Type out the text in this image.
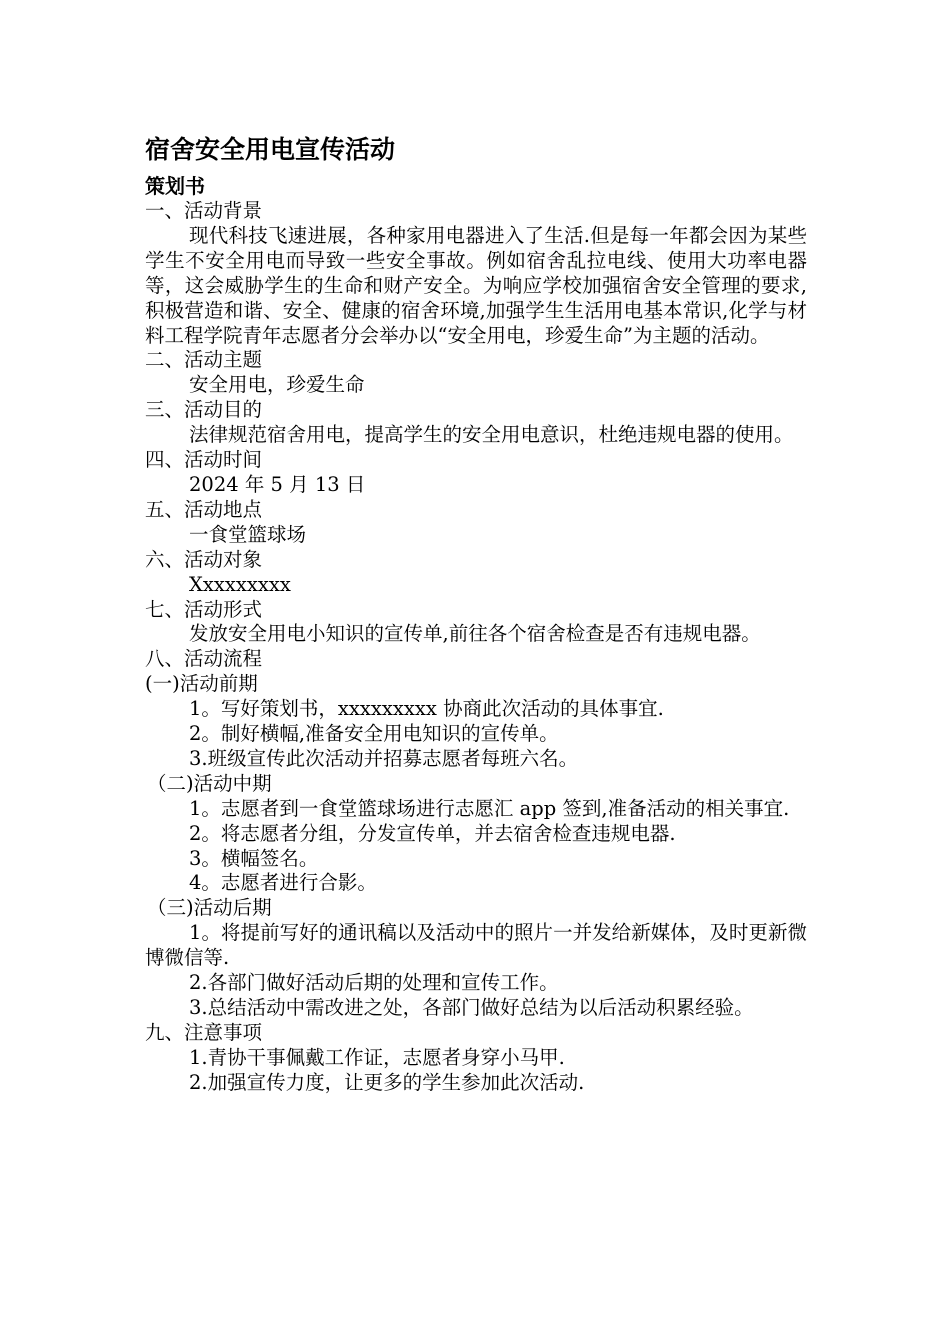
宿舍安全用电宣传活动
策划书

一、活动背景

现代科技飞速进展，各种家用电器进入了生活.但是每一年都会因为某些学生不安全用电而导致一些安全事故。例如宿舍乱拉电线、使用大功率电器等，这会威胁学生的生命和财产安全。为响应学校加强宿舍安全管理的要求,积极营造和谐、安全、健康的宿舍环境,加强学生生活用电基本常识,化学与材料工程学院青年志愿者分会举办以“安全用电，珍爱生命”为主题的活动。

二、活动主题

安全用电，珍爱生命

三、活动目的

法律规范宿舍用电，提高学生的安全用电意识，杜绝违规电器的使用。

四、活动时间

2024 年 5 月 13 日

五、活动地点

一食堂篮球场

六、活动对象

Xxxxxxxxx

七、活动形式

发放安全用电小知识的宣传单,前往各个宿舍检查是否有违规电器。

八、活动流程

(一)活动前期

1。写好策划书，xxxxxxxxx 协商此次活动的具体事宜.

2。制好横幅,准备安全用电知识的宣传单。

3.班级宣传此次活动并招募志愿者每班六名。

（二)活动中期

1。志愿者到一食堂篮球场进行志愿汇 app 签到,准备活动的相关事宜.

2。将志愿者分组，分发宣传单，并去宿舍检查违规电器.

3。横幅签名。

4。志愿者进行合影。

（三)活动后期

1。将提前写好的通讯稿以及活动中的照片一并发给新媒体，及时更新微博微信等.

2.各部门做好活动后期的处理和宣传工作。

3.总结活动中需改进之处，各部门做好总结为以后活动积累经验。

九、注意事项

1.青协干事佩戴工作证，志愿者身穿小马甲.

2.加强宣传力度，让更多的学生参加此次活动.
